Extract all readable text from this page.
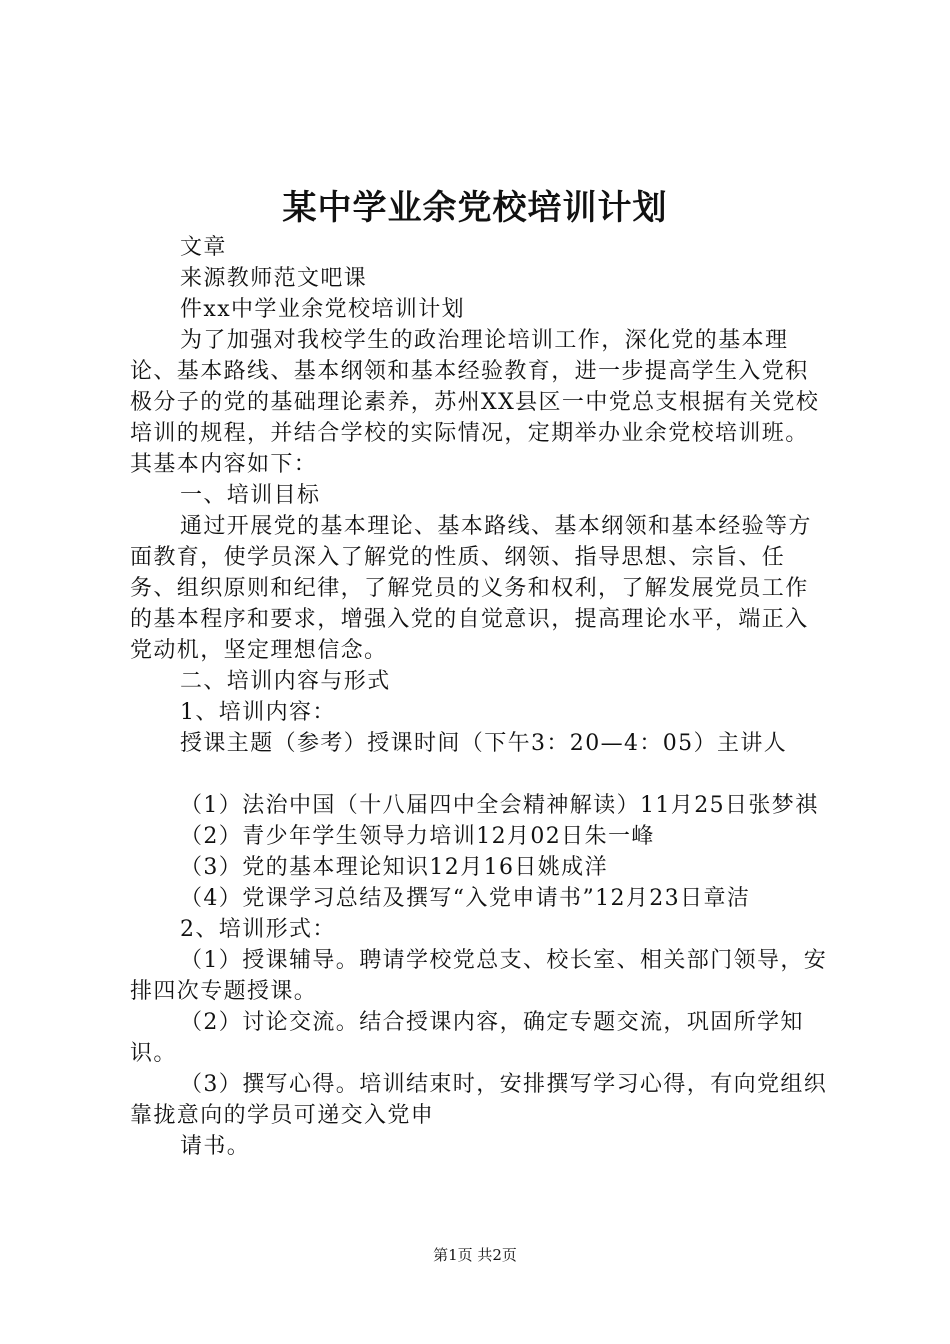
某中学业余党校培训计划

文章

来源教师范文吧课

件xx中学业余党校培训计划

为了加强对我校学生的政治理论培训工作，深化党的基本理论、基本路线、基本纲领和基本经验教育，进一步提高学生入党积极分子的党的基础理论素养，苏州XX县区一中党总支根据有关党校培训的规程，并结合学校的实际情况，定期举办业余党校培训班。其基本内容如下：

一、培训目标

通过开展党的基本理论、基本路线、基本纲领和基本经验等方面教育，使学员深入了解党的性质、纲领、指导思想、宗旨、任务、组织原则和纪律，了解党员的义务和权利，了解发展党员工作的基本程序和要求，增强入党的自觉意识，提高理论水平，端正入党动机，坚定理想信念。

二、培训内容与形式

1、培训内容：

授课主题（参考）授课时间（下午3：20—4：05）主讲人

（1）法治中国（十八届四中全会精神解读）11月25日张梦祺

（2）青少年学生领导力培训12月02日朱一峰

（3）党的基本理论知识12月16日姚成洋

（4）党课学习总结及撰写“入党申请书”12月23日章洁

2、培训形式：

（1）授课辅导。聘请学校党总支、校长室、相关部门领导，安排四次专题授课。

（2）讨论交流。结合授课内容，确定专题交流，巩固所学知识。

（3）撰写心得。培训结束时，安排撰写学习心得，有向党组织靠拢意向的学员可递交入党申

请书。

第1页 共2页
